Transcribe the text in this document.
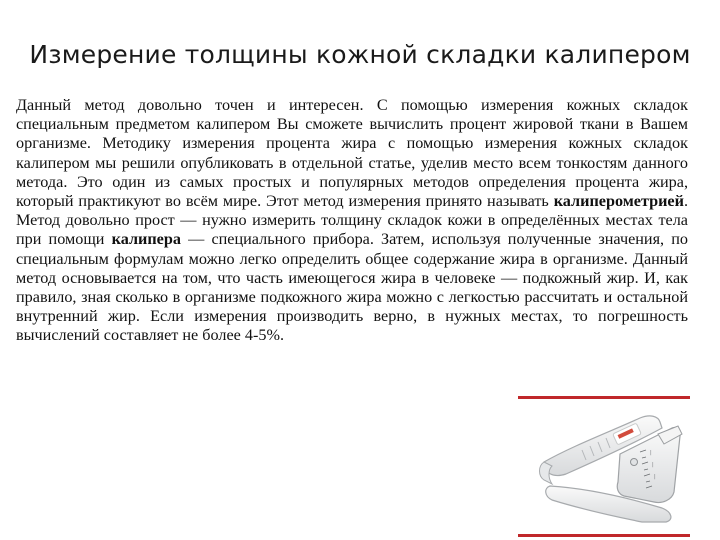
Измерение толщины кожной складки калипером

Данный метод довольно точен и интересен. С помощью измерения кожных складок специальным предметом калипером Вы сможете вычислить процент жировой ткани в Вашем организме. Методику измерения процента жира с помощью измерения кожных складок калипером мы решили опубликовать в отдельной статье, уделив место всем тонкостям данного метода. Это один из самых простых и популярных методов определения процента жира, который практикуют во всём мире. Этот метод измерения принято называть калиперометрией. Метод довольно прост — нужно измерить толщину складок кожи в определённых местах тела при помощи калипера — специального прибора. Затем, используя полученные значения, по специальным формулам можно легко определить общее содержание жира в организме. Данный метод основывается на том, что часть имеющегося жира в человеке — подкожный жир. И, как правило, зная сколько в организме подкожного жира можно с легкостью рассчитать и остальной внутренний жир. Если измерения производить верно, в нужных местах, то погрешность вычислений составляет не более 4-5%.

|
|
|
